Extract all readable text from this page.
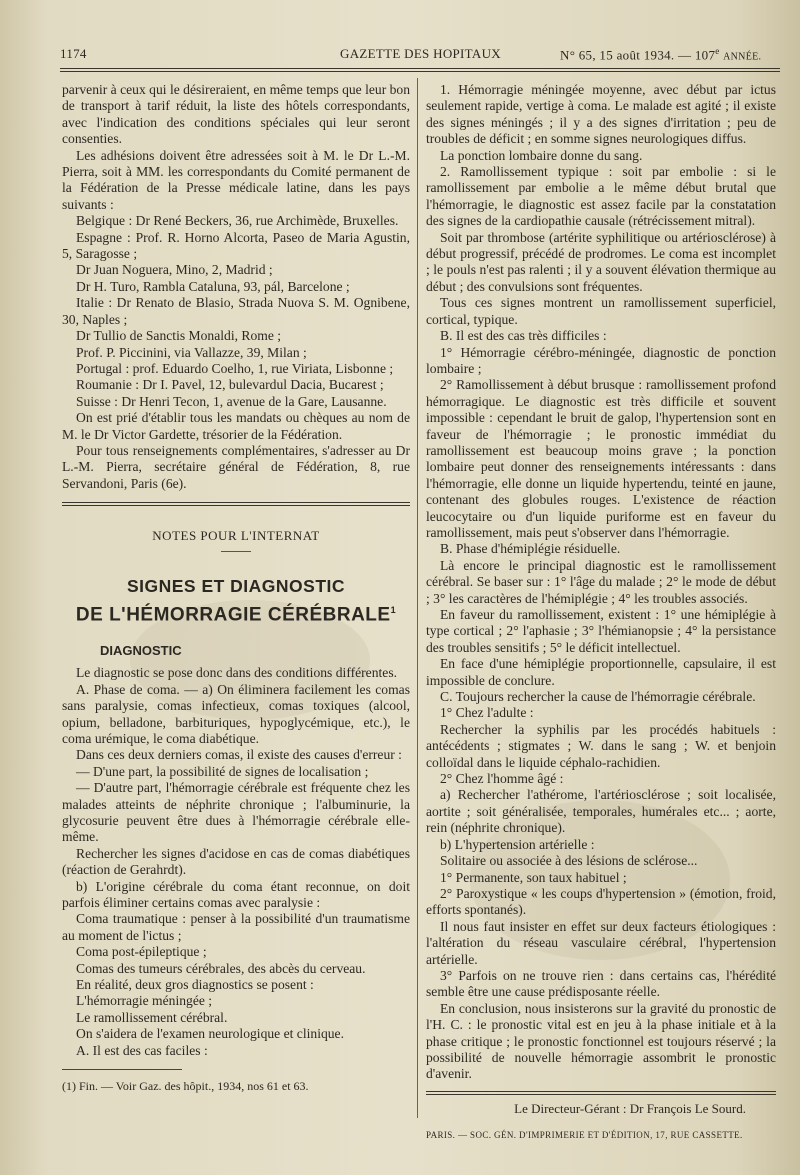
1174	GAZETTE DES HOPITAUX	N° 65, 15 août 1934. — 107e ANNÉE.

parvenir à ceux qui le désireraient, en même temps que leur bon de transport à tarif réduit, la liste des hôtels correspondants, avec l'indication des conditions spéciales qui leur seront consenties.

Les adhésions doivent être adressées soit à M. le Dr L.-M. Pierra, soit à MM. les correspondants du Comité permanent de la Fédération de la Presse médicale latine, dans les pays suivants :

Belgique : Dr René Beckers, 36, rue Archimède, Bruxelles.

Espagne : Prof. R. Horno Alcorta, Paseo de Maria Agustin, 5, Saragosse ;

Dr Juan Noguera, Mino, 2, Madrid ;

Dr H. Turo, Rambla Cataluna, 93, pál, Barcelone ;

Italie : Dr Renato de Blasio, Strada Nuova S. M. Ognibene, 30, Naples ;

Dr Tullio de Sanctis Monaldi, Rome ;

Prof. P. Piccinini, via Vallazze, 39, Milan ;

Portugal : prof. Eduardo Coelho, 1, rue Viriata, Lisbonne ;

Roumanie : Dr I. Pavel, 12, bulevardul Dacia, Bucarest ;

Suisse : Dr Henri Tecon, 1, avenue de la Gare, Lausanne.

On est prié d'établir tous les mandats ou chèques au nom de M. le Dr Victor Gardette, trésorier de la Fédération.

Pour tous renseignements complémentaires, s'adresser au Dr L.-M. Pierra, secrétaire général de Fédération, 8, rue Servandoni, Paris (6e).

NOTES POUR L'INTERNAT
SIGNES ET DIAGNOSTIC
DE L'HÉMORRAGIE CÉRÉBRALE$^1$

DIAGNOSTIC

Le diagnostic se pose donc dans des conditions différentes.

A. Phase de coma. — a) On éliminera facilement les comas sans paralysie, comas infectieux, comas toxiques (alcool, opium, belladone, barbituriques, hypoglycémique, etc.), le coma urémique, le coma diabétique.

Dans ces deux derniers comas, il existe des causes d'erreur :

— D'une part, la possibilité de signes de localisation ;

— D'autre part, l'hémorragie cérébrale est fréquente chez les malades atteints de néphrite chronique ; l'albuminurie, la glycosurie peuvent être dues à l'hémorragie cérébrale elle-même.

Rechercher les signes d'acidose en cas de comas diabétiques (réaction de Gerahrdt).

b) L'origine cérébrale du coma étant reconnue, on doit parfois éliminer certains comas avec paralysie :

Coma traumatique : penser à la possibilité d'un traumatisme au moment de l'ictus ;

Coma post-épileptique ;

Comas des tumeurs cérébrales, des abcès du cerveau.

En réalité, deux gros diagnostics se posent :

L'hémorragie méningée ;

Le ramollissement cérébral.

On s'aidera de l'examen neurologique et clinique.

A. Il est des cas faciles :

(1) Fin. — Voir Gaz. des hôpit., 1934, nos 61 et 63.

1. Hémorragie méningée moyenne, avec début par ictus seulement rapide, vertige à coma. Le malade est agité ; il existe des signes méningés ; il y a des signes d'irritation ; peu de troubles de déficit ; en somme signes neurologiques diffus.

La ponction lombaire donne du sang.

2. Ramollissement typique : soit par embolie : si le ramollissement par embolie a le même début brutal que l'hémorragie, le diagnostic est assez facile par la constatation des signes de la cardiopathie causale (rétrécissement mitral).

Soit par thrombose (artérite syphilitique ou artériosclérose) à début progressif, précédé de prodromes. Le coma est incomplet ; le pouls n'est pas ralenti ; il y a souvent élévation thermique au début ; des convulsions sont fréquentes.

Tous ces signes montrent un ramollissement superficiel, cortical, typique.

B. Il est des cas très difficiles :

1° Hémorragie cérébro-méningée, diagnostic de ponction lombaire ;

2° Ramollissement à début brusque : ramollissement profond hémorragique. Le diagnostic est très difficile et souvent impossible : cependant le bruit de galop, l'hypertension sont en faveur de l'hémorragie ; le pronostic immédiat du ramollissement est beaucoup moins grave ; la ponction lombaire peut donner des renseignements intéressants : dans l'hémorragie, elle donne un liquide hypertendu, teinté en jaune, contenant des globules rouges. L'existence de réaction leucocytaire ou d'un liquide puriforme est en faveur du ramollissement, mais peut s'observer dans l'hémorragie.

B. Phase d'hémiplégie résiduelle.

Là encore le principal diagnostic est le ramollissement cérébral. Se baser sur : 1° l'âge du malade ; 2° le mode de début ; 3° les caractères de l'hémiplégie ; 4° les troubles associés.

En faveur du ramollissement, existent : 1° une hémiplégie à type cortical ; 2° l'aphasie ; 3° l'hémianopsie ; 4° la persistance des troubles sensitifs ; 5° le déficit intellectuel.

En face d'une hémiplégie proportionnelle, capsulaire, il est impossible de conclure.

C. Toujours rechercher la cause de l'hémorragie cérébrale.

1° Chez l'adulte :

Rechercher la syphilis par les procédés habituels : antécédents ; stigmates ; W. dans le sang ; W. et benjoin colloïdal dans le liquide céphalo-rachidien.

2° Chez l'homme âgé :

a) Rechercher l'athérome, l'artériosclérose ; soit localisée, aortite ; soit généralisée, temporales, humérales etc... ; aorte, rein (néphrite chronique).

b) L'hypertension artérielle :

Solitaire ou associée à des lésions de sclérose...

1° Permanente, son taux habituel ;

2° Paroxystique « les coups d'hypertension » (émotion, froid, efforts spontanés).

Il nous faut insister en effet sur deux facteurs étiologiques : l'altération du réseau vasculaire cérébral, l'hypertension artérielle.

3° Parfois on ne trouve rien : dans certains cas, l'hérédité semble être une cause prédisposante réelle.

En conclusion, nous insisterons sur la gravité du pronostic de l'H. C. : le pronostic vital est en jeu à la phase initiale et à la phase critique ; le pronostic fonctionnel est toujours réservé ; la possibilité de nouvelle hémorragie assombrit le pronostic d'avenir.

Le Directeur-Gérant : Dr François Le Sourd.

PARIS. — SOC. GÉN. D'IMPRIMERIE ET D'ÉDITION, 17, RUE CASSETTE.
